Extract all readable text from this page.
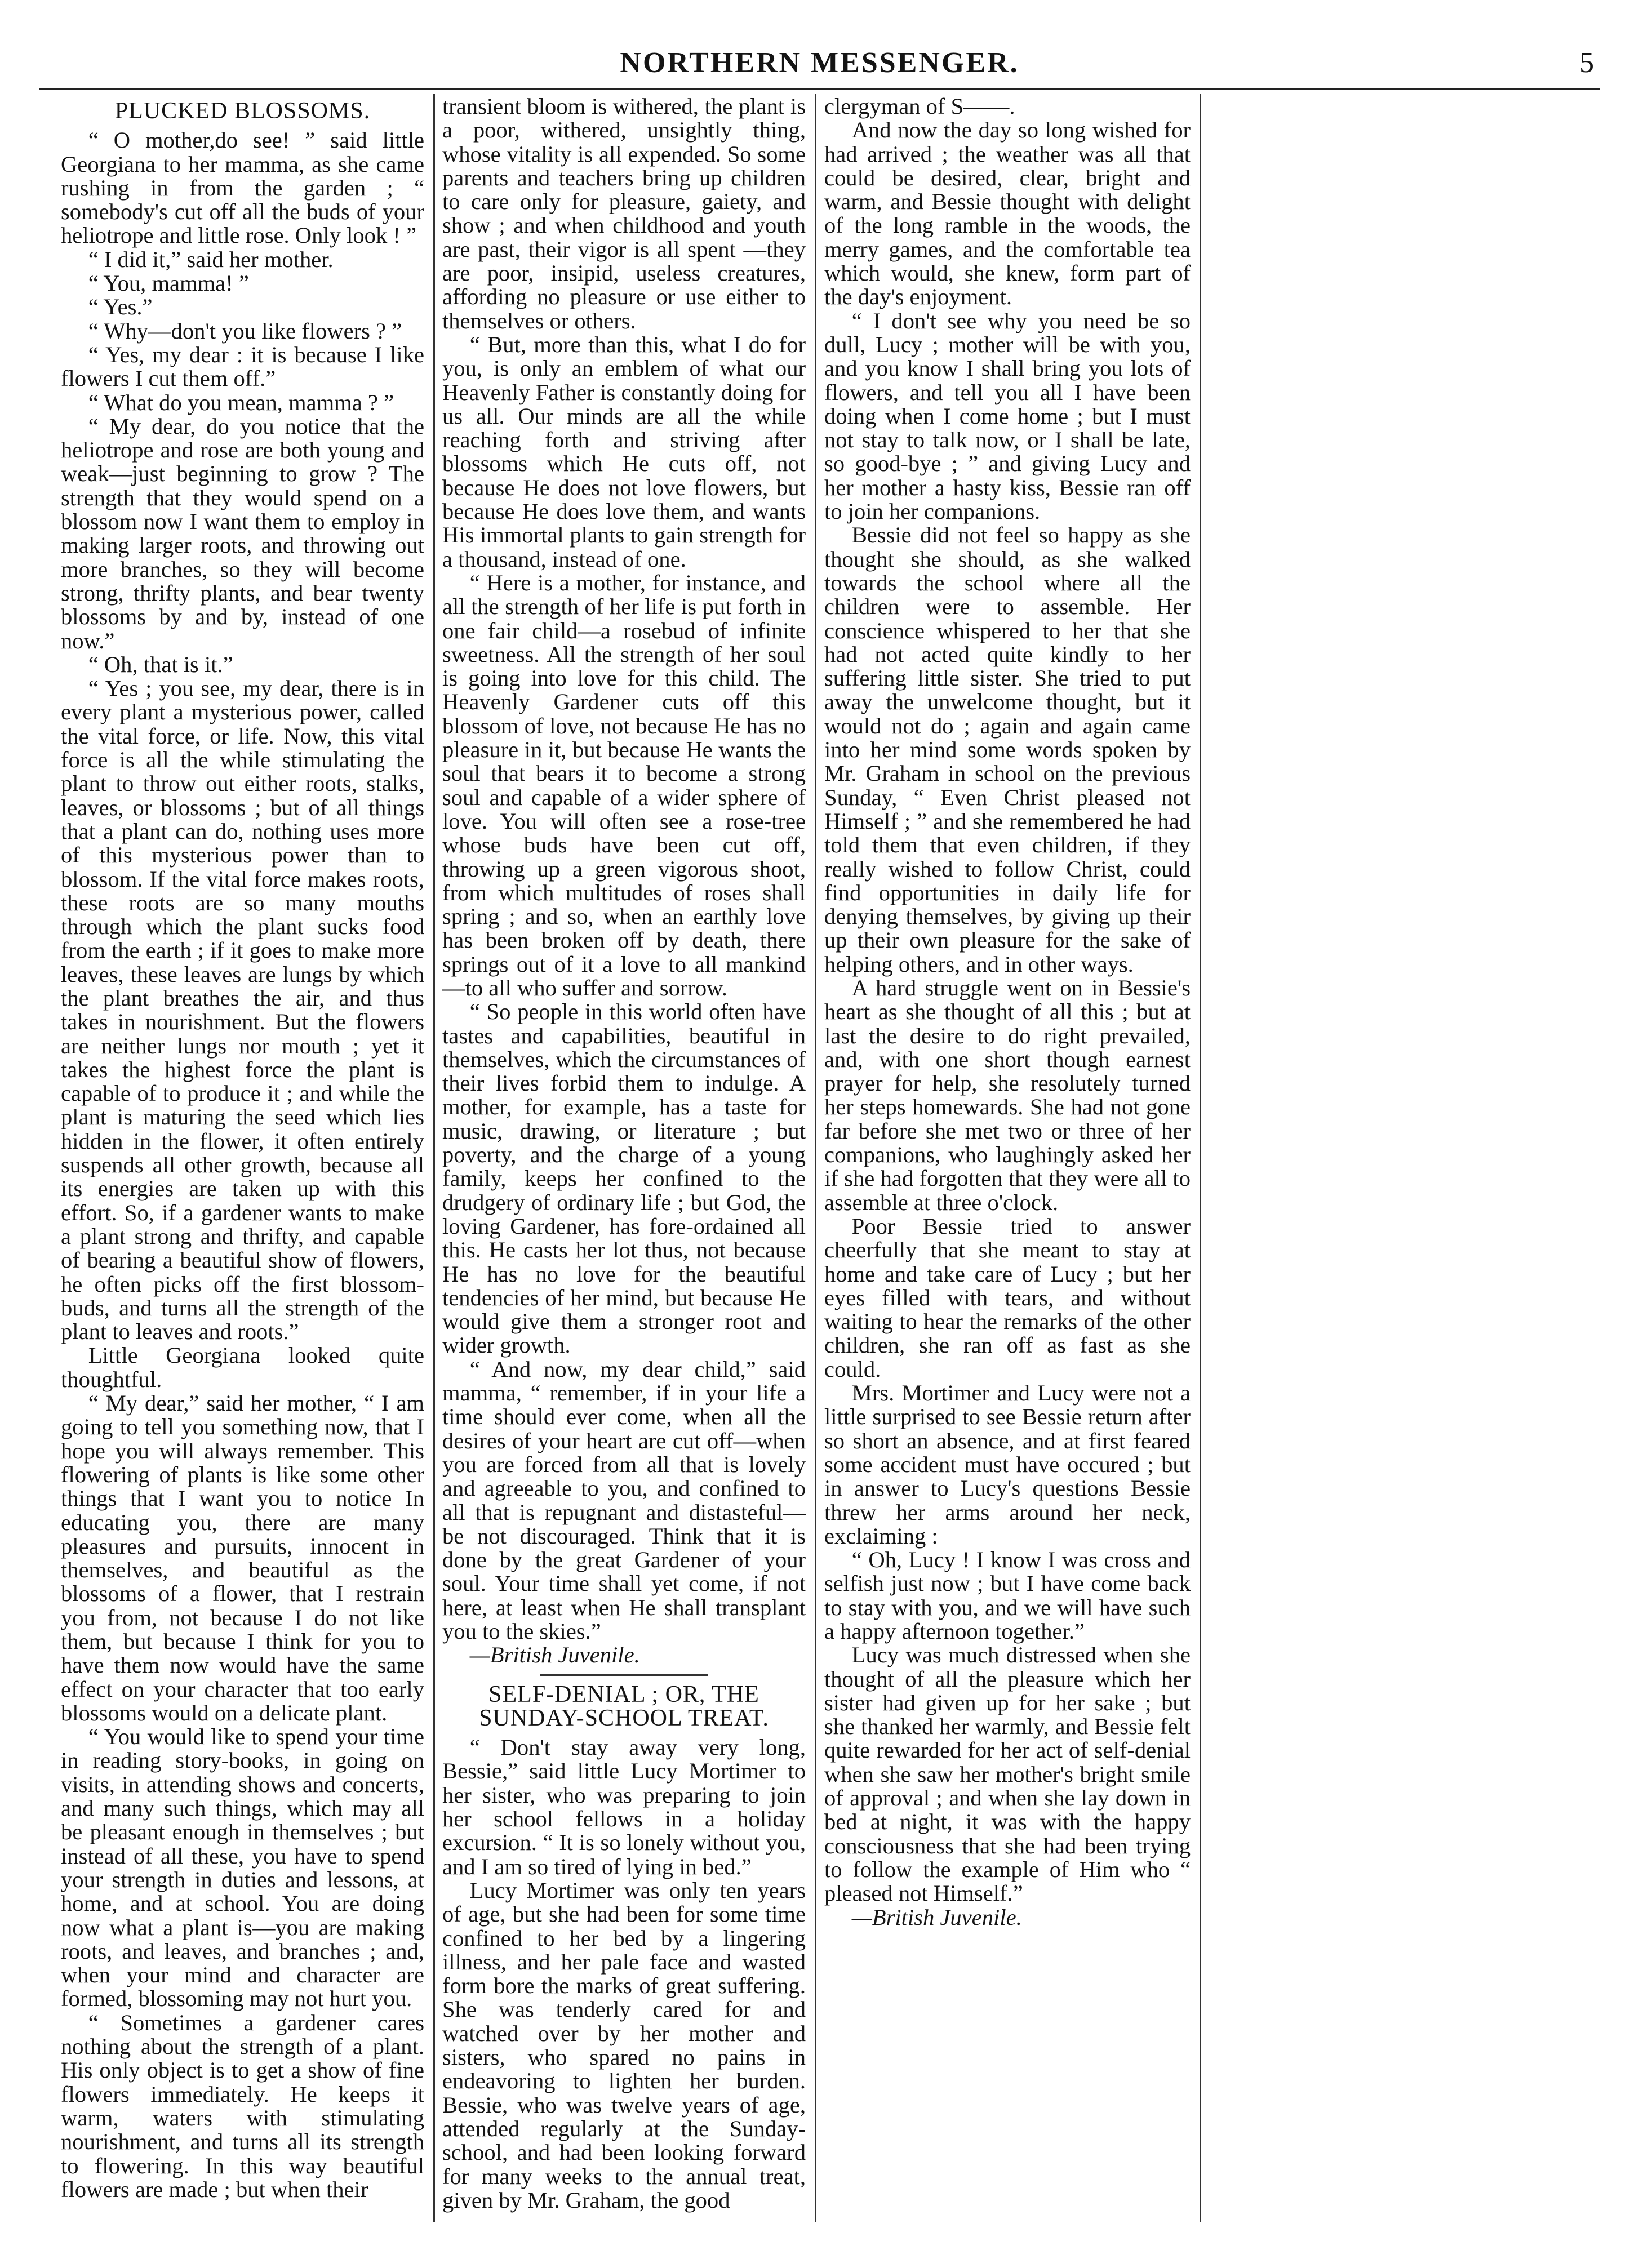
NORTHERN MESSENGER.	5
PLUCKED BLOSSOMS.

“ O mother,do see! ” said little Georgiana to her mamma, as she came rushing in from the garden ; “ somebody's cut off all the buds of your heliotrope and little rose. Only look ! ”

“ I did it,” said her mother.

“ You, mamma! ”

“ Yes.”

“ Why—don't you like flowers ? ”

“ Yes, my dear : it is because I like flowers I cut them off.”

“ What do you mean, mamma ? ”

“ My dear, do you notice that the heliotrope and rose are both young and weak—just beginning to grow ? The strength that they would spend on a blossom now I want them to employ in making larger roots, and throwing out more branches, so they will become strong, thrifty plants, and bear twenty blossoms by and by, instead of one now.”

“ Oh, that is it.”

“ Yes ; you see, my dear, there is in every plant a mysterious power, called the vital force, or life. Now, this vital force is all the while stimulating the plant to throw out either roots, stalks, leaves, or blossoms ; but of all things that a plant can do, nothing uses more of this mysterious power than to blossom. If the vital force makes roots, these roots are so many mouths through which the plant sucks food from the earth ; if it goes to make more leaves, these leaves are lungs by which the plant breathes the air, and thus takes in nourishment. But the flowers are neither lungs nor mouth ; yet it takes the highest force the plant is capable of to produce it ; and while the plant is maturing the seed which lies hidden in the flower, it often entirely suspends all other growth, because all its energies are taken up with this effort. So, if a gardener wants to make a plant strong and thrifty, and capable of bearing a beautiful show of flowers, he often picks off the first blossom-buds, and turns all the strength of the plant to leaves and roots.”

Little Georgiana looked quite thoughtful.

“ My dear,” said her mother, “ I am going to tell you something now, that I hope you will always remember. This flowering of plants is like some other things that I want you to notice In educating you, there are many pleasures and pursuits, innocent in themselves, and beautiful as the blossoms of a flower, that I restrain you from, not because I do not like them, but because I think for you to have them now would have the same effect on your character that too early blossoms would on a delicate plant.

“ You would like to spend your time in reading story-books, in going on visits, in attending shows and concerts, and many such things, which may all be pleasant enough in themselves ; but instead of all these, you have to spend your strength in duties and lessons, at home, and at school. You are doing now what a plant is—you are making roots, and leaves, and branches ; and, when your mind and character are formed, blossoming may not hurt you.

“ Sometimes a gardener cares nothing about the strength of a plant. His only object is to get a show of fine flowers immediately. He keeps it warm, waters with stimulating nourishment, and turns all its strength to flowering. In this way beautiful flowers are made ; but when their

transient bloom is withered, the plant is a poor, withered, unsightly thing, whose vitality is all expended. So some parents and teachers bring up children to care only for pleasure, gaiety, and show ; and when childhood and youth are past, their vigor is all spent —they are poor, insipid, useless creatures, affording no pleasure or use either to themselves or others.

“ But, more than this, what I do for you, is only an emblem of what our Heavenly Father is constantly doing for us all. Our minds are all the while reaching forth and striving after blossoms which He cuts off, not because He does not love flowers, but because He does love them, and wants His immortal plants to gain strength for a thousand, instead of one.

“ Here is a mother, for instance, and all the strength of her life is put forth in one fair child—a rosebud of infinite sweetness. All the strength of her soul is going into love for this child. The Heavenly Gardener cuts off this blossom of love, not because He has no pleasure in it, but because He wants the soul that bears it to become a strong soul and capable of a wider sphere of love. You will often see a rose-tree whose buds have been cut off, throwing up a green vigorous shoot, from which multitudes of roses shall spring ; and so, when an earthly love has been broken off by death, there springs out of it a love to all mankind—to all who suffer and sorrow.

“ So people in this world often have tastes and capabilities, beautiful in themselves, which the circumstances of their lives forbid them to indulge. A mother, for example, has a taste for music, drawing, or literature ; but poverty, and the charge of a young family, keeps her confined to the drudgery of ordinary life ; but God, the loving Gardener, has fore-ordained all this. He casts her lot thus, not because He has no love for the beautiful tendencies of her mind, but because He would give them a stronger root and wider growth.

“ And now, my dear child,” said mamma, “ remember, if in your life a time should ever come, when all the desires of your heart are cut off—when you are forced from all that is lovely and agreeable to you, and confined to all that is repugnant and distasteful—be not discouraged. Think that it is done by the great Gardener of your soul. Your time shall yet come, if not here, at least when He shall transplant you to the skies.”

—British Juvenile.

SELF-DENIAL ; OR, THE SUNDAY-SCHOOL TREAT.

“ Don't stay away very long, Bessie,” said little Lucy Mortimer to her sister, who was preparing to join her school fellows in a holiday excursion. “ It is so lonely without you, and I am so tired of lying in bed.”

Lucy Mortimer was only ten years of age, but she had been for some time confined to her bed by a lingering illness, and her pale face and wasted form bore the marks of great suffering. She was tenderly cared for and watched over by her mother and sisters, who spared no pains in endeavoring to lighten her burden. Bessie, who was twelve years of age, attended regularly at the Sunday-school, and had been looking forward for many weeks to the annual treat, given by Mr. Graham, the good

clergyman of S——.

And now the day so long wished for had arrived ; the weather was all that could be desired, clear, bright and warm, and Bessie thought with delight of the long ramble in the woods, the merry games, and the comfortable tea which would, she knew, form part of the day's enjoyment.

“ I don't see why you need be so dull, Lucy ; mother will be with you, and you know I shall bring you lots of flowers, and tell you all I have been doing when I come home ; but I must not stay to talk now, or I shall be late, so good-bye ; ” and giving Lucy and her mother a hasty kiss, Bessie ran off to join her companions.

Bessie did not feel so happy as she thought she should, as she walked towards the school where all the children were to assemble. Her conscience whispered to her that she had not acted quite kindly to her suffering little sister. She tried to put away the unwelcome thought, but it would not do ; again and again came into her mind some words spoken by Mr. Graham in school on the previous Sunday, “ Even Christ pleased not Himself ; ” and she remembered he had told them that even children, if they really wished to follow Christ, could find opportunities in daily life for denying themselves, by giving up their up their own pleasure for the sake of helping others, and in other ways.

A hard struggle went on in Bessie's heart as she thought of all this ; but at last the desire to do right prevailed, and, with one short though earnest prayer for help, she resolutely turned her steps homewards. She had not gone far before she met two or three of her companions, who laughingly asked her if she had forgotten that they were all to assemble at three o'clock.

Poor Bessie tried to answer cheerfully that she meant to stay at home and take care of Lucy ; but her eyes filled with tears, and without waiting to hear the remarks of the other children, she ran off as fast as she could.

Mrs. Mortimer and Lucy were not a little surprised to see Bessie return after so short an absence, and at first feared some accident must have occured ; but in answer to Lucy's questions Bessie threw her arms around her neck, exclaiming :

“ Oh, Lucy ! I know I was cross and selfish just now ; but I have come back to stay with you, and we will have such a happy afternoon together.”

Lucy was much distressed when she thought of all the pleasure which her sister had given up for her sake ; but she thanked her warmly, and Bessie felt quite rewarded for her act of self-denial when she saw her mother's bright smile of approval ; and when she lay down in bed at night, it was with the happy consciousness that she had been trying to follow the example of Him who “ pleased not Himself.”

—British Juvenile.
